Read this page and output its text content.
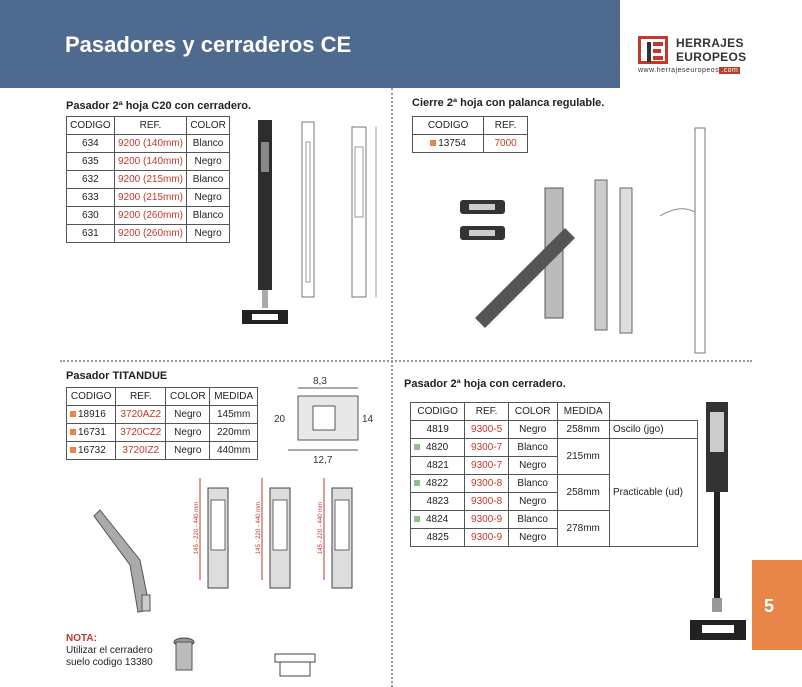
Pasadores y cerraderos CE	HERRAJES
EUROPEOS
www.herrajeseuropeos .com
5
Pasador 2ª hoja C20 con cerradero.
CODIGO	REF.	COLOR
634	9200 (140mm)	Blanco
635	9200 (140mm)	Negro
632	9200 (215mm)	Blanco
633	9200 (215mm)	Negro
630	9200 (260mm)	Blanco
631	9200 (260mm)	Negro
Cierre 2ª hoja con palanca regulable.
CODIGO	REF.
13754	7000
Pasador TITANDUE
CODIGO	REF.	COLOR	MEDIDA
18916	3720AZ2	Negro	145mm
16731	3720CZ2	Negro	220mm
16732	3720IZ2	Negro	440mm
8,3
20	14
12,7
145 - 220 - 440 mm	145 - 220 - 440 mm	145 - 220 - 440 mm
NOTA:
Utilizar el cerradero
suelo codigo 13380
Pasador 2ª hoja con cerradero.
CODIGO	REF.	COLOR	MEDIDA	
4819	9300-5	Negro	258mm	Oscilo (jgo)
4820	9300-7	Blanco	215mm	Practicable (ud)
4821	9300-7	Negro		
4822	9300-8	Blanco	258mm	
4823	9300-8	Negro		
4824	9300-9	Blanco	278mm	
4825	9300-9	Negro		
